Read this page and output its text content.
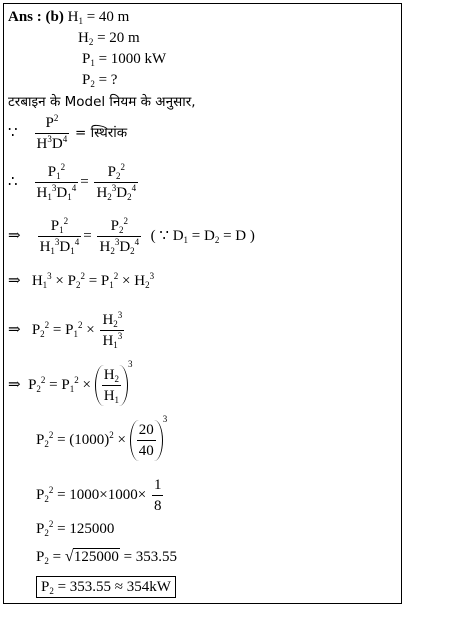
Ans : (b) $H_1 = 40$ m
$H_2 = 20$ m
$P_1 = 1000$ kW
$P_2$ = ?
टरबाइन के Model नियम के अनुसार,
∵ $\frac{P^2}{H^3D^4}$ = स्थिरांक
∴ $\frac{P_1^2}{H_1^3D_1^4} = \frac{P_2^2}{H_2^3D_2^4}$
⇒ $\frac{P_1^2}{H_1^3D_1^4} = \frac{P_2^2}{H_2^3D_2^4}$ ( ∵ $D_1 = D_2 = D$ )
⇒   $H_1^3 \times P_2^2 = P_1^2 \times H_2^3$
⇒   $P_2^2 = P_1^2 \times \frac{H_2^3}{H_1^3}$
⇒  $P_2^2 = P_1^2 \times \frac{H_2}{H_1}$
$^3$
$P_2^2 = (1000)^2 \times \frac{20}{40}$
$^3$
$P_2^2 = 1000\times 1000\times \frac{1}{8}$
$P_2^2 = 125000$
$P_2$ = √ 125000 = 353.55
$P_2 = 353.55 \approx 354kW$
